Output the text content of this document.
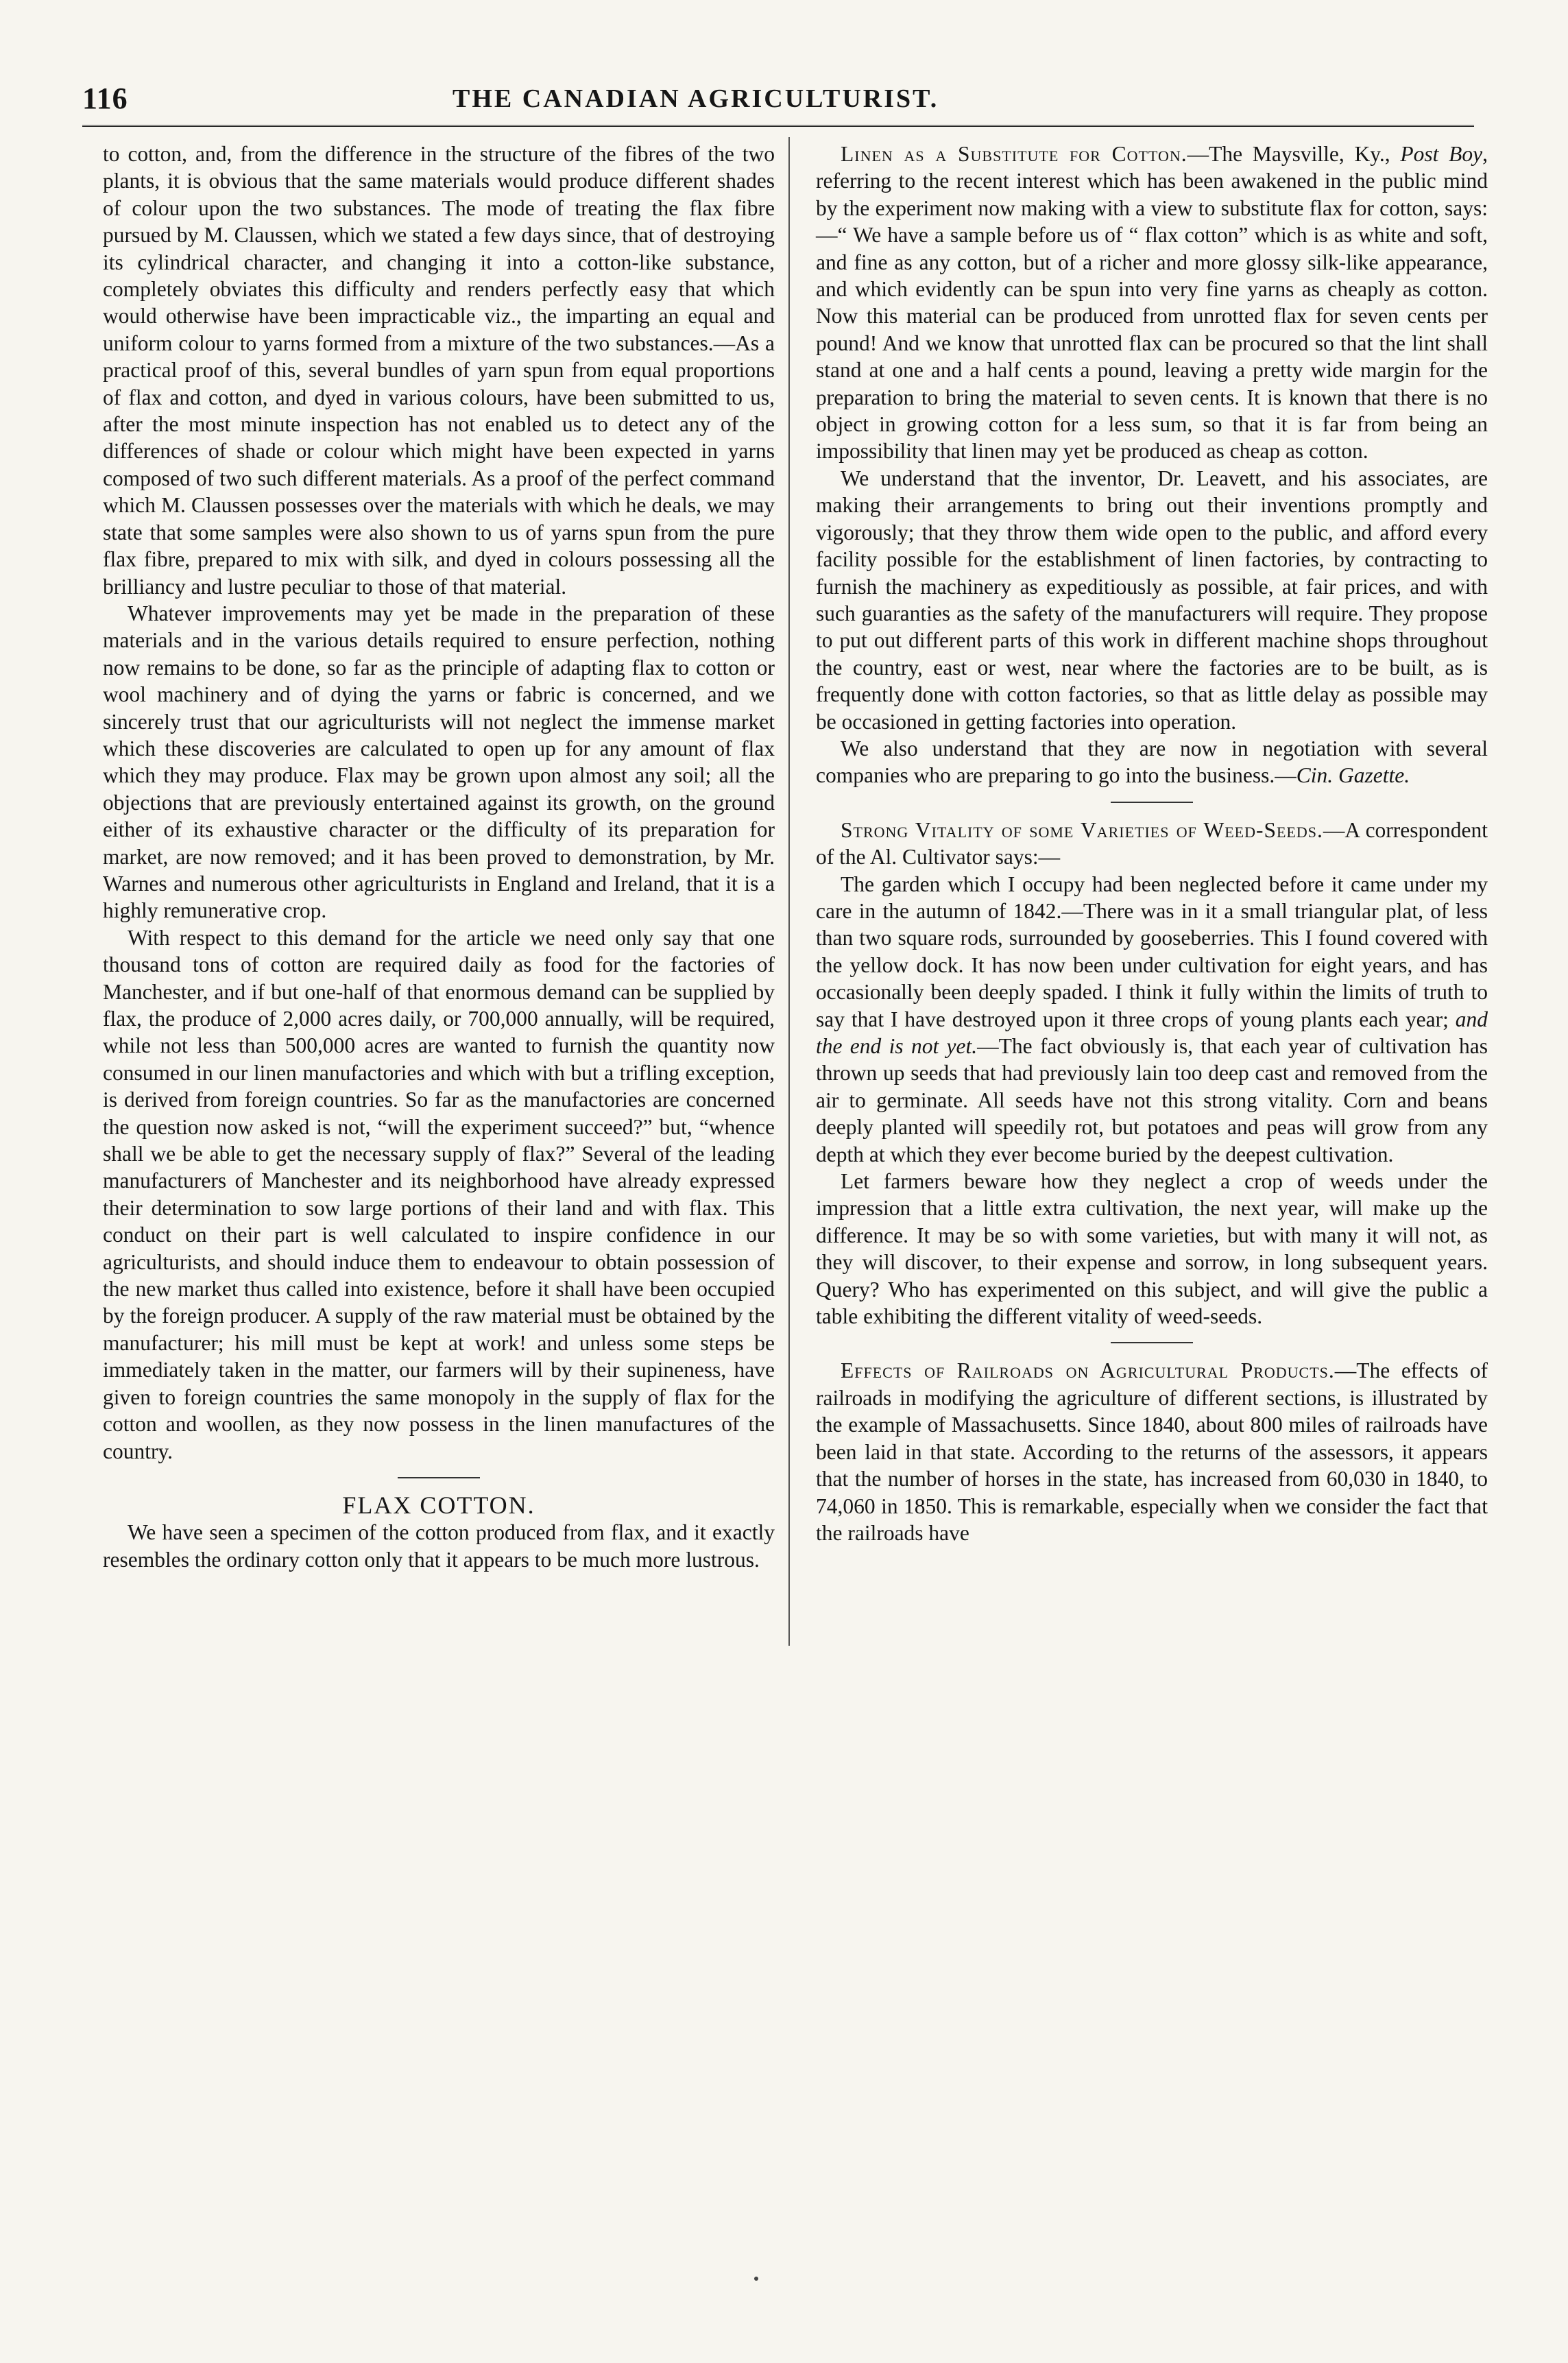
116	THE CANADIAN AGRICULTURIST.

to cotton, and, from the difference in the structure of the fibres of the two plants, it is obvious that the same materials would produce different shades of colour upon the two substances. The mode of treating the flax fibre pursued by M. Claussen, which we stated a few days since, that of destroying its cylindrical character, and changing it into a cotton-like substance, completely obviates this difficulty and renders perfectly easy that which would otherwise have been impracticable viz., the imparting an equal and uniform colour to yarns formed from a mixture of the two substances.—As a practical proof of this, several bundles of yarn spun from equal proportions of flax and cotton, and dyed in various colours, have been submitted to us, after the most minute inspection has not enabled us to detect any of the differences of shade or colour which might have been expected in yarns composed of two such different materials. As a proof of the perfect command which M. Claussen possesses over the materials with which he deals, we may state that some samples were also shown to us of yarns spun from the pure flax fibre, prepared to mix with silk, and dyed in colours possessing all the brilliancy and lustre peculiar to those of that material.

Whatever improvements may yet be made in the preparation of these materials and in the various details required to ensure perfection, nothing now remains to be done, so far as the principle of adapting flax to cotton or wool machinery and of dying the yarns or fabric is concerned, and we sincerely trust that our agriculturists will not neglect the immense market which these discoveries are calculated to open up for any amount of flax which they may produce. Flax may be grown upon almost any soil; all the objections that are previously entertained against its growth, on the ground either of its exhaustive character or the difficulty of its preparation for market, are now removed; and it has been proved to demonstration, by Mr. Warnes and numerous other agriculturists in England and Ireland, that it is a highly remunerative crop.

With respect to this demand for the article we need only say that one thousand tons of cotton are required daily as food for the factories of Manchester, and if but one-half of that enormous demand can be supplied by flax, the produce of 2,000 acres daily, or 700,000 annually, will be required, while not less than 500,000 acres are wanted to furnish the quantity now consumed in our linen manufactories and which with but a trifling exception, is derived from foreign countries. So far as the manufactories are concerned the question now asked is not, “will the experiment succeed?” but, “whence shall we be able to get the necessary supply of flax?” Several of the leading manufacturers of Manchester and its neighborhood have already expressed their determination to sow large portions of their land and with flax. This conduct on their part is well calculated to inspire confidence in our agriculturists, and should induce them to endeavour to obtain possession of the new market thus called into existence, before it shall have been occupied by the foreign producer. A supply of the raw material must be obtained by the manufacturer; his mill must be kept at work! and unless some steps be immediately taken in the matter, our farmers will by their supineness, have given to foreign countries the same monopoly in the supply of flax for the cotton and woollen, as they now possess in the linen manufactures of the country.

FLAX COTTON.

We have seen a specimen of the cotton produced from flax, and it exactly resembles the ordinary cotton only that it appears to be much more lustrous.

Linen as a Substitute for Cotton.—The Maysville, Ky., Post Boy, referring to the recent interest which has been awakened in the public mind by the experiment now making with a view to substitute flax for cotton, says:—“ We have a sample before us of “ flax cotton” which is as white and soft, and fine as any cotton, but of a richer and more glossy silk-like appearance, and which evidently can be spun into very fine yarns as cheaply as cotton. Now this material can be produced from unrotted flax for seven cents per pound! And we know that unrotted flax can be procured so that the lint shall stand at one and a half cents a pound, leaving a pretty wide margin for the preparation to bring the material to seven cents. It is known that there is no object in growing cotton for a less sum, so that it is far from being an impossibility that linen may yet be produced as cheap as cotton.

We understand that the inventor, Dr. Leavett, and his associates, are making their arrangements to bring out their inventions promptly and vigorously; that they throw them wide open to the public, and afford every facility possible for the establishment of linen factories, by contracting to furnish the machinery as expeditiously as possible, at fair prices, and with such guaranties as the safety of the manufacturers will require. They propose to put out different parts of this work in different machine shops throughout the country, east or west, near where the factories are to be built, as is frequently done with cotton factories, so that as little delay as possible may be occasioned in getting factories into operation.

We also understand that they are now in negotiation with several companies who are preparing to go into the business.—Cin. Gazette.

Strong Vitality of some Varieties of Weed-Seeds.—A correspondent of the Al. Cultivator says:—

The garden which I occupy had been neglected before it came under my care in the autumn of 1842.—There was in it a small triangular plat, of less than two square rods, surrounded by gooseberries. This I found covered with the yellow dock. It has now been under cultivation for eight years, and has occasionally been deeply spaded. I think it fully within the limits of truth to say that I have destroyed upon it three crops of young plants each year; and the end is not yet.—The fact obviously is, that each year of cultivation has thrown up seeds that had previously lain too deep cast and removed from the air to germinate. All seeds have not this strong vitality. Corn and beans deeply planted will speedily rot, but potatoes and peas will grow from any depth at which they ever become buried by the deepest cultivation.

Let farmers beware how they neglect a crop of weeds under the impression that a little extra cultivation, the next year, will make up the difference. It may be so with some varieties, but with many it will not, as they will discover, to their expense and sorrow, in long subsequent years. Query? Who has experimented on this subject, and will give the public a table exhibiting the different vitality of weed-seeds.

Effects of Railroads on Agricultural Products.—The effects of railroads in modifying the agriculture of different sections, is illustrated by the example of Massachusetts. Since 1840, about 800 miles of railroads have been laid in that state. According to the returns of the assessors, it appears that the number of horses in the state, has increased from 60,030 in 1840, to 74,060 in 1850. This is remarkable, especially when we consider the fact that the railroads have
